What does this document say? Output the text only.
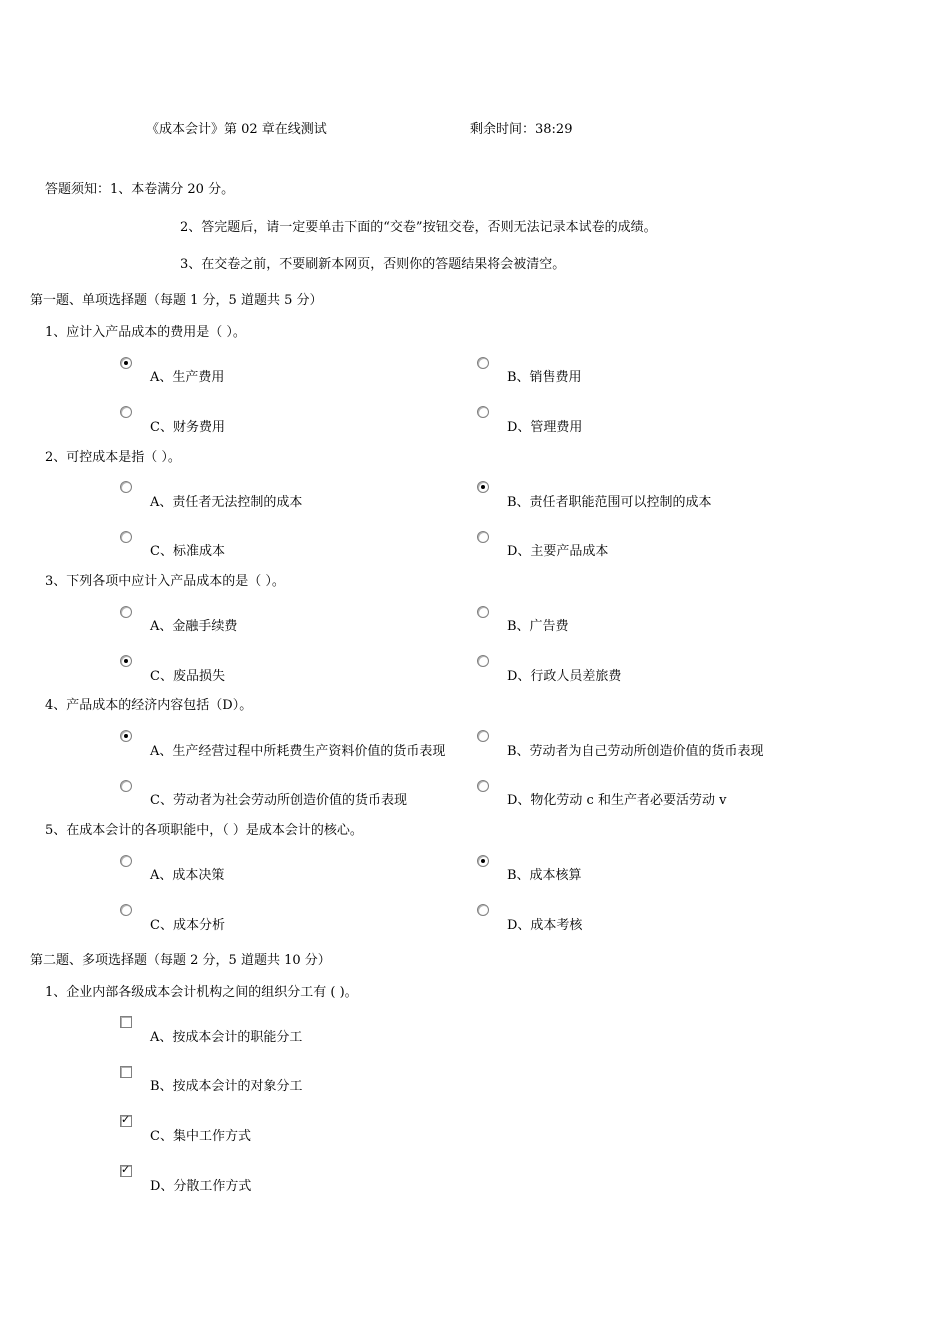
《成本会计》第 02 章在线测试	剩余时间：38:29
答题须知：1、本卷满分 20 分。
2、答完题后，请一定要单击下面的“交卷”按钮交卷，否则无法记录本试卷的成绩。
3、在交卷之前，不要刷新本网页，否则你的答题结果将会被清空。
第一题、单项选择题（每题 1 分，5 道题共 5 分）
1、应计入产品成本的费用是（ ）。
A、生产费用	B、销售费用
C、财务费用	D、管理费用
2、可控成本是指（ ）。
A、责任者无法控制的成本	B、责任者职能范围可以控制的成本
C、标准成本	D、主要产品成本
3、下列各项中应计入产品成本的是（ ）。
A、金融手续费	B、广告费
C、废品损失	D、行政人员差旅费
4、产品成本的经济内容包括（D）。
A、生产经营过程中所耗费生产资料价值的货币表现	B、劳动者为自己劳动所创造价值的货币表现
C、劳动者为社会劳动所创造价值的货币表现	D、物化劳动 c 和生产者必要活劳动 v
5、在成本会计的各项职能中，（ ）是成本会计的核心。
A、成本决策	B、成本核算
C、成本分析	D、成本考核
第二题、多项选择题（每题 2 分，5 道题共 10 分）
1、企业内部各级成本会计机构之间的组织分工有 ( )。
A、按成本会计的职能分工
B、按成本会计的对象分工
✓
C、集中工作方式
✓
D、分散工作方式
